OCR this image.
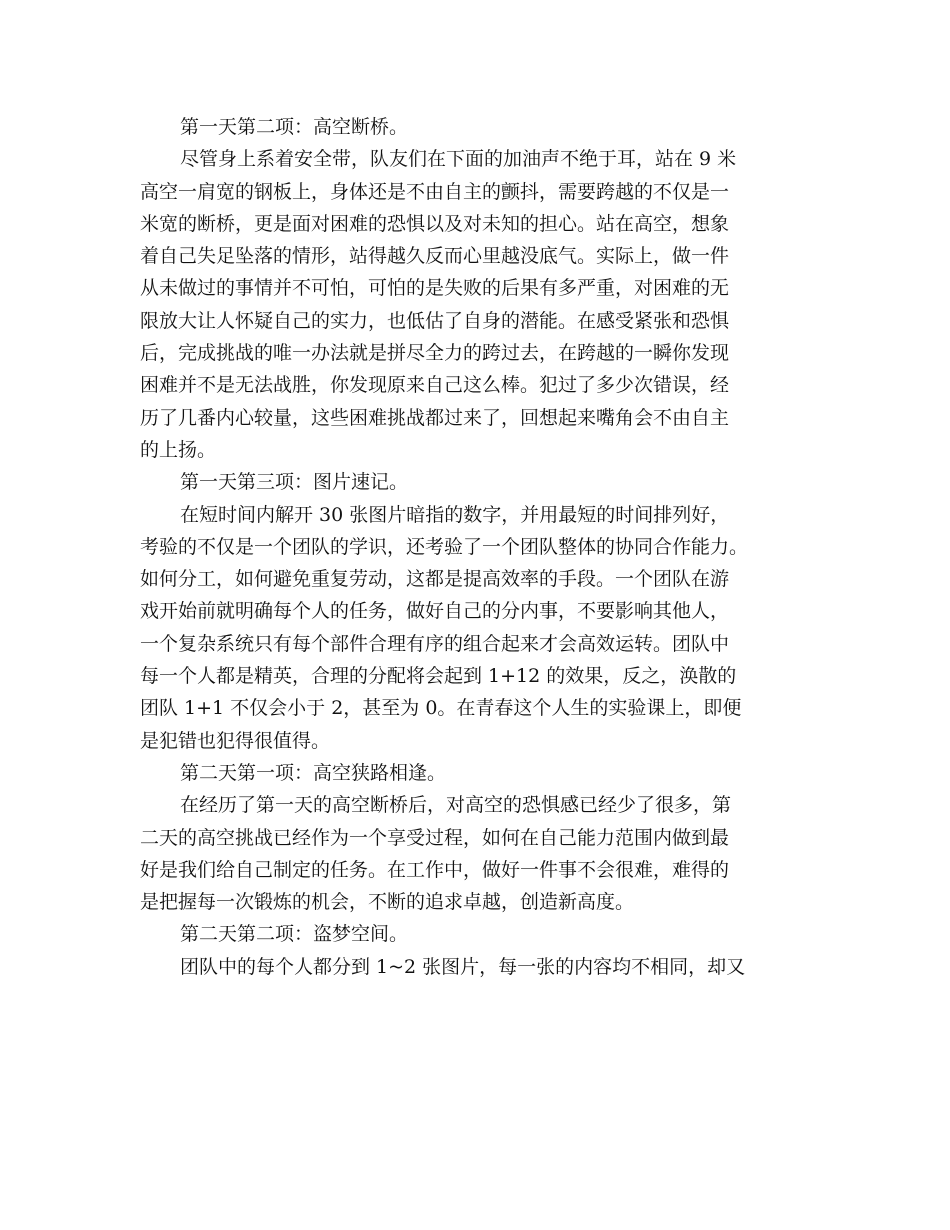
第一天第二项：高空断桥。
尽管身上系着安全带，队友们在下面的加油声不绝于耳，站在 9 米
高空一肩宽的钢板上，身体还是不由自主的颤抖，需要跨越的不仅是一
米宽的断桥，更是面对困难的恐惧以及对未知的担心。站在高空，想象
着自己失足坠落的情形，站得越久反而心里越没底气。实际上，做一件
从未做过的事情并不可怕，可怕的是失败的后果有多严重，对困难的无
限放大让人怀疑自己的实力，也低估了自身的潜能。在感受紧张和恐惧
后，完成挑战的唯一办法就是拼尽全力的跨过去，在跨越的一瞬你发现
困难并不是无法战胜，你发现原来自己这么棒。犯过了多少次错误，经
历了几番内心较量，这些困难挑战都过来了，回想起来嘴角会不由自主
的上扬。
第一天第三项：图片速记。
在短时间内解开 30 张图片暗指的数字，并用最短的时间排列好，
考验的不仅是一个团队的学识，还考验了一个团队整体的协同合作能力。
如何分工，如何避免重复劳动，这都是提高效率的手段。一个团队在游
戏开始前就明确每个人的任务，做好自己的分内事，不要影响其他人，
一个复杂系统只有每个部件合理有序的组合起来才会高效运转。团队中
每一个人都是精英，合理的分配将会起到 1+12 的效果，反之，涣散的
团队 1+1 不仅会小于 2，甚至为 0。在青春这个人生的实验课上，即便
是犯错也犯得很值得。
第二天第一项：高空狭路相逢。
在经历了第一天的高空断桥后，对高空的恐惧感已经少了很多，第
二天的高空挑战已经作为一个享受过程，如何在自己能力范围内做到最
好是我们给自己制定的任务。在工作中，做好一件事不会很难，难得的
是把握每一次锻炼的机会，不断的追求卓越，创造新高度。
第二天第二项：盗梦空间。
团队中的每个人都分到 1~2 张图片，每一张的内容均不相同，却又
